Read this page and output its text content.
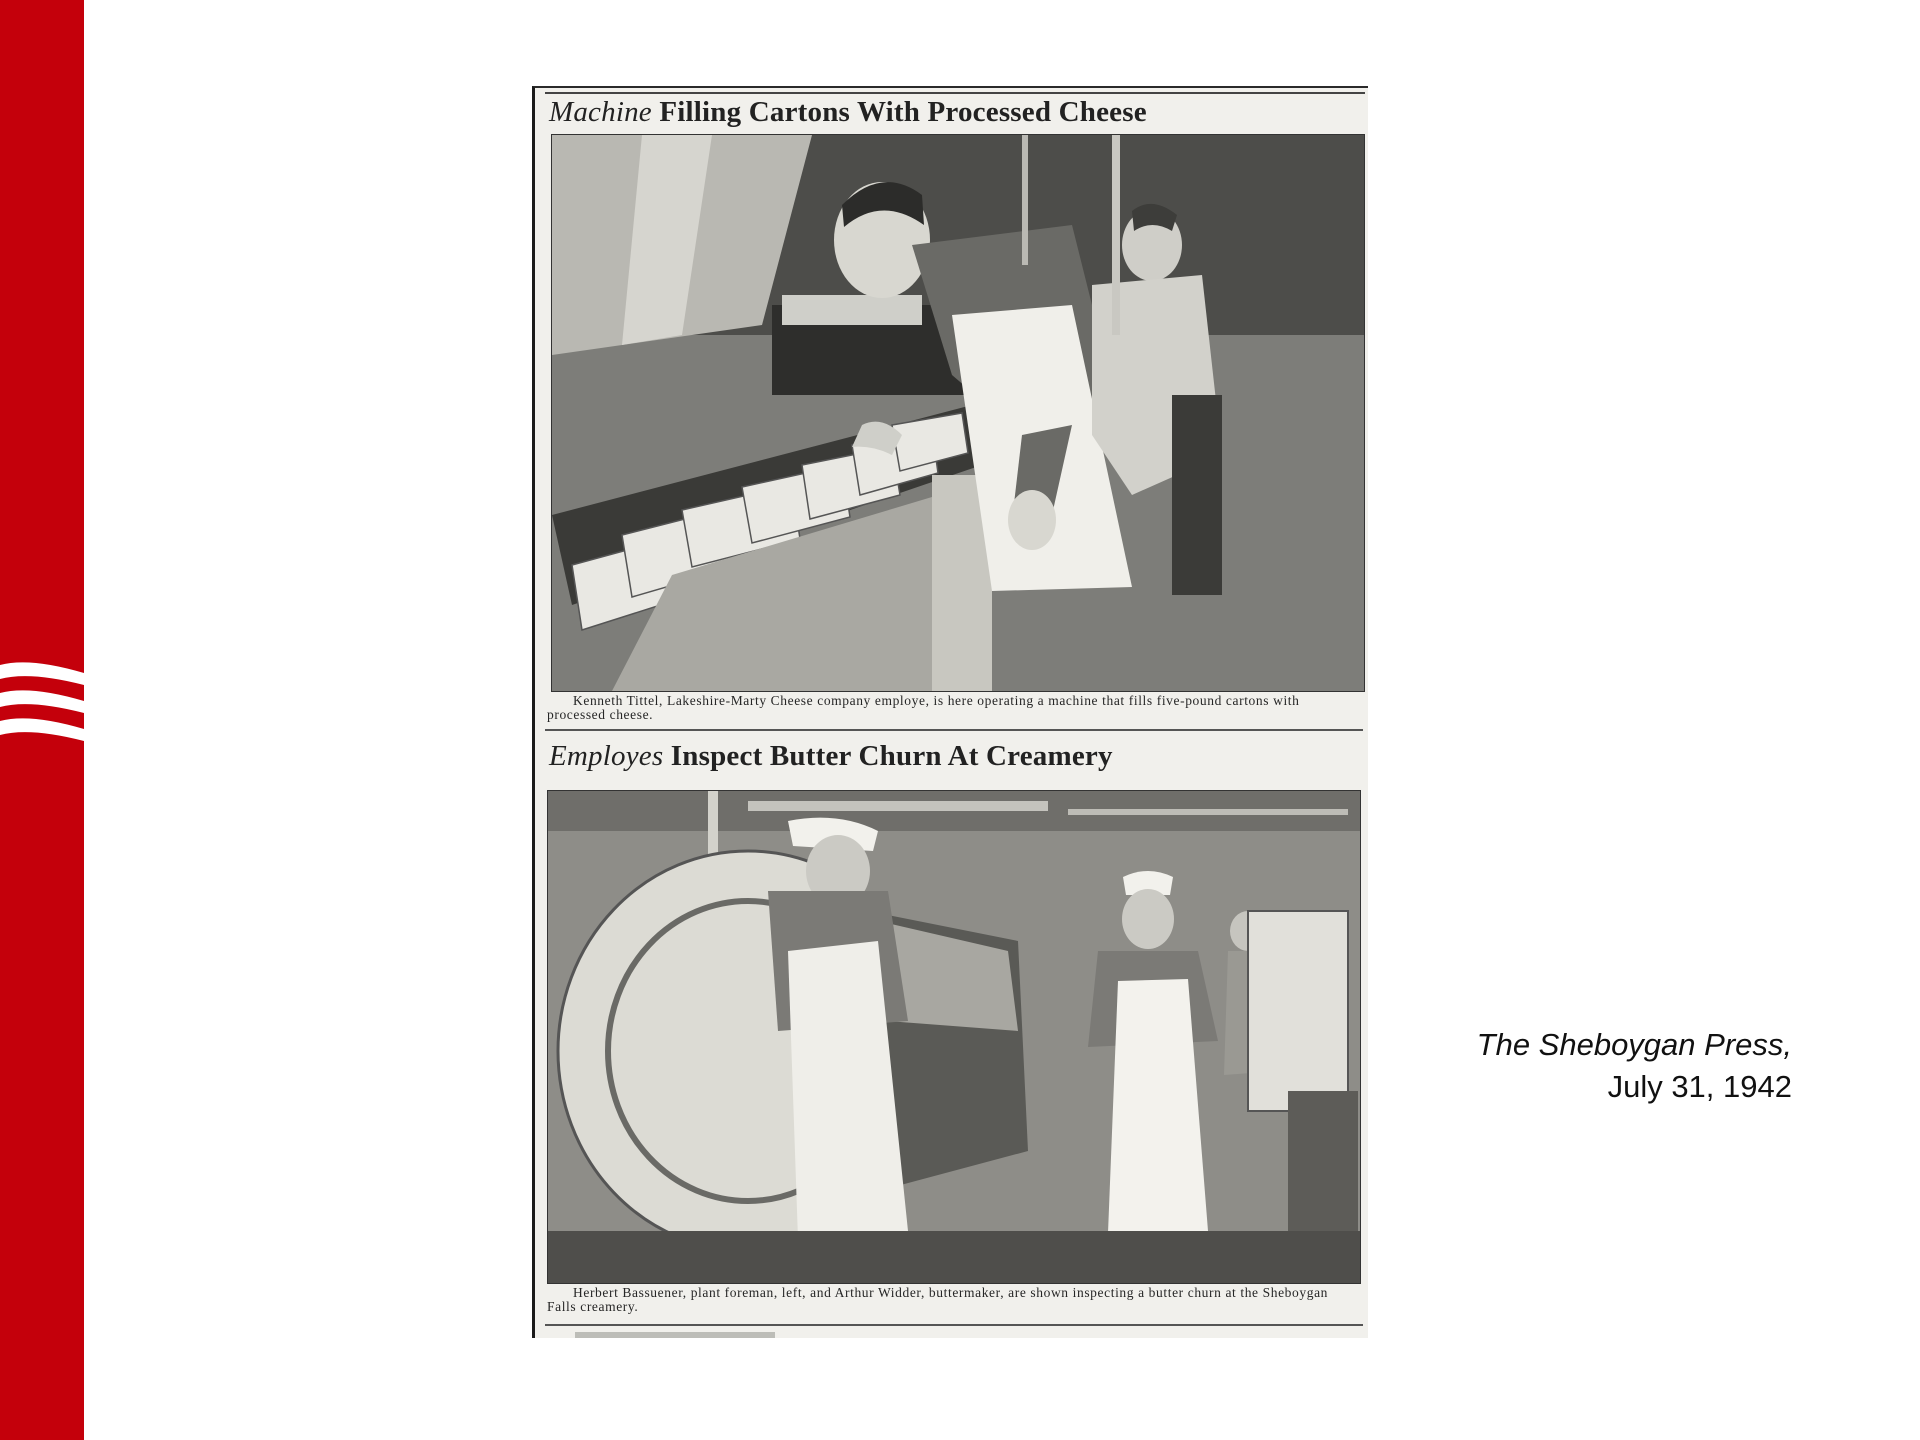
Machine Filling Cartons With Processed Cheese
Kenneth Tittel, Lakeshire-Marty Cheese company employe, is here operating a machine that fills five-pound cartons with processed cheese.
Employes Inspect Butter Churn At Creamery
Herbert Bassuener, plant foreman, left, and Arthur Widder, buttermaker, are shown inspecting a butter churn at the Sheboygan Falls creamery.
The Sheboygan Press,
July 31, 1942
